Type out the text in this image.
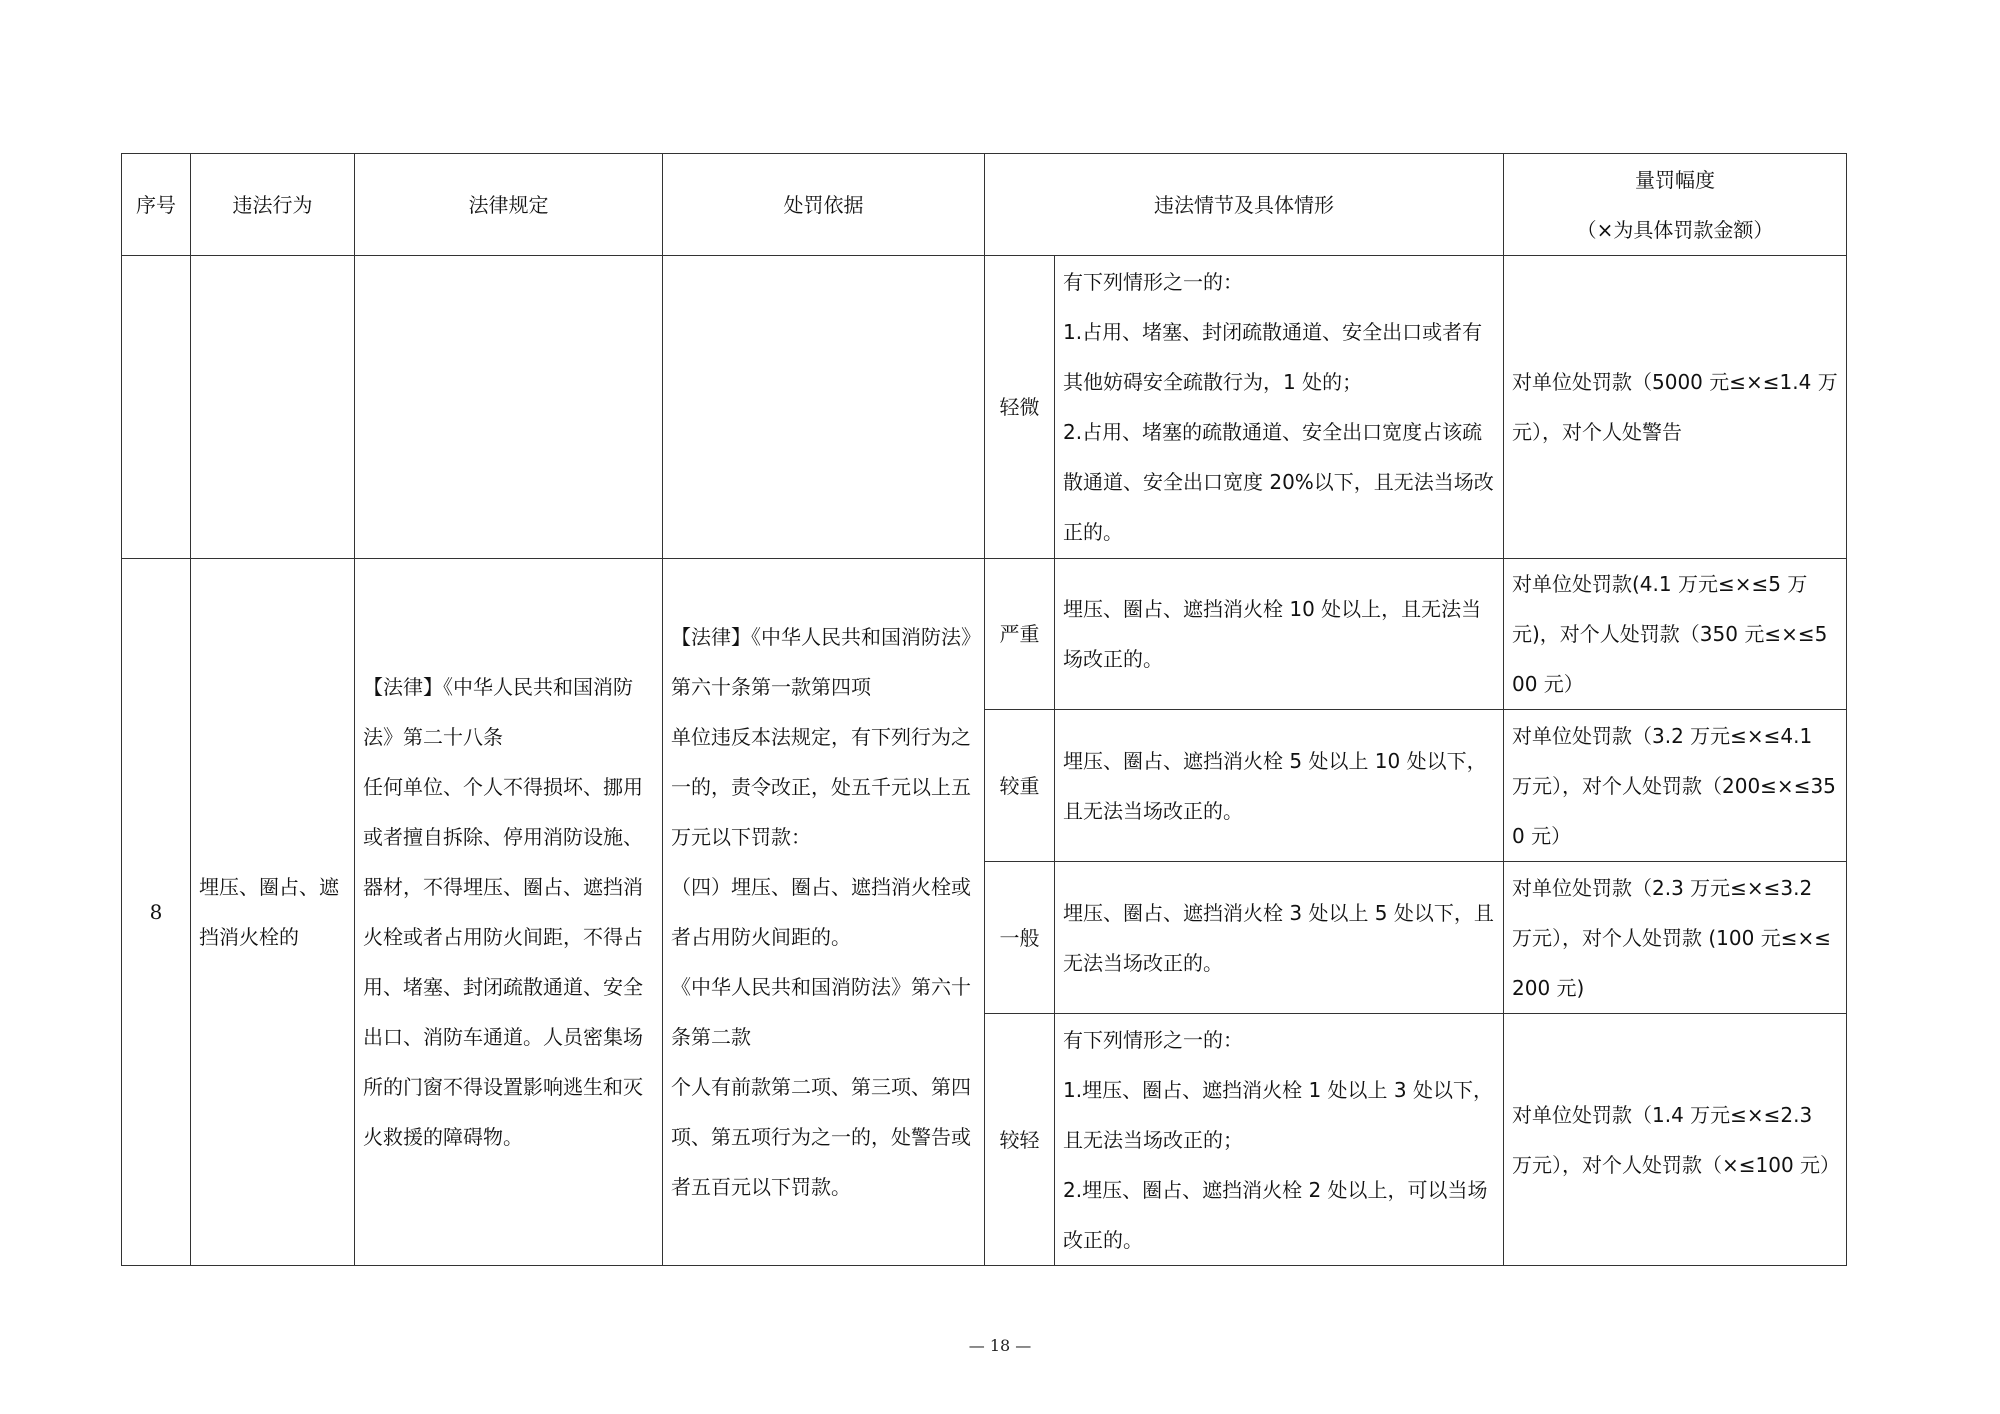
序号	违法行为	法律规定	处罚依据	违法情节及具体情形		量罚幅度
（×为具体罚款金额）

				轻微	有下列情形之一的：
1.占用、堵塞、封闭疏散通道、安全出口或者有其他妨碍安全疏散行为，1 处的；
2.占用、堵塞的疏散通道、安全出口宽度占该疏散通道、安全出口宽度 20%以下，且无法当场改正的。	对单位处罚款（5000 元≤×≤1.4 万元），对个人处警告

8	埋压、圈占、遮挡消火栓的	【法律】《中华人民共和国消防法》第二十八条
任何单位、个人不得损坏、挪用或者擅自拆除、停用消防设施、器材，不得埋压、圈占、遮挡消火栓或者占用防火间距，不得占用、堵塞、封闭疏散通道、安全出口、消防车通道。人员密集场所的门窗不得设置影响逃生和灭火救援的障碍物。	【法律】《中华人民共和国消防法》第六十条第一款第四项
单位违反本法规定，有下列行为之一的，责令改正，处五千元以上五万元以下罚款：
（四）埋压、圈占、遮挡消火栓或者占用防火间距的。
《中华人民共和国消防法》第六十条第二款
个人有前款第二项、第三项、第四项、第五项行为之一的，处警告或者五百元以下罚款。	严重	埋压、圈占、遮挡消火栓 10 处以上，且无法当场改正的。	对单位处罚款(4.1 万元≤×≤5 万元)，对个人处罚款（350 元≤×≤500 元）

				较重	埋压、圈占、遮挡消火栓 5 处以上 10 处以下，且无法当场改正的。	对单位处罚款（3.2 万元≤×≤4.1 万元），对个人处罚款（200≤×≤350 元）

				一般	埋压、圈占、遮挡消火栓 3 处以上 5 处以下，且无法当场改正的。	对单位处罚款（2.3 万元≤×≤3.2 万元），对个人处罚款 (100 元≤×≤200 元)

				较轻	有下列情形之一的：
1.埋压、圈占、遮挡消火栓 1 处以上 3 处以下，且无法当场改正的；
2.埋压、圈占、遮挡消火栓 2 处以上，可以当场改正的。	对单位处罚款（1.4 万元≤×≤2.3 万元），对个人处罚款（×≤100 元）
— 18 —
